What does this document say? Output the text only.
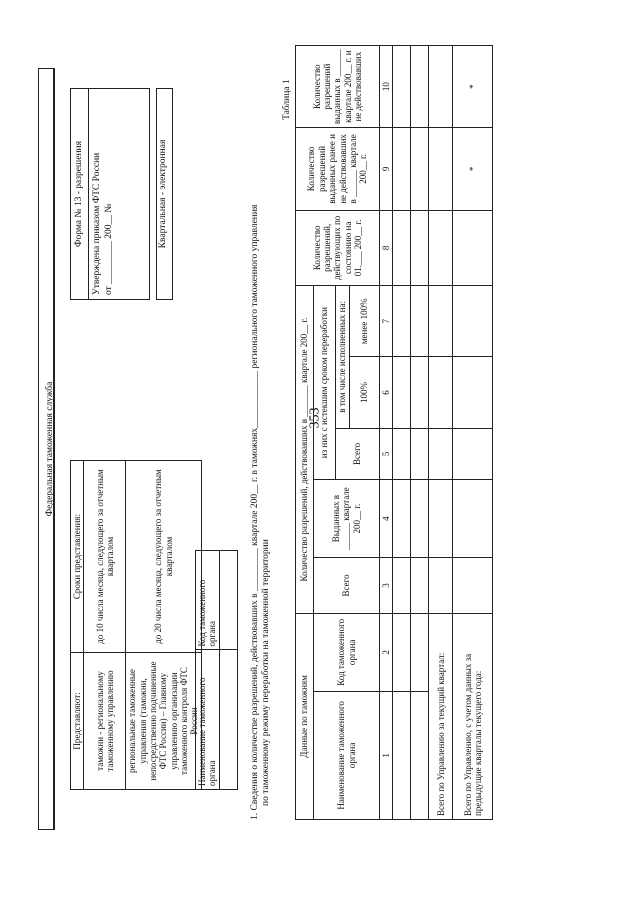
353
Федеральная таможенная служба
Представляют:	Сроки представления:
таможни - региональному таможенному управлению	до 10 числа месяца, следующего за отчетным кварталом
региональные таможенные управления (таможни, непосредственно подчиненные ФТС России) – Главному управлению организации таможенного контроля ФТС России	до 20 числа месяца, следующего за отчетным кварталом
Форма № 13 - разрешения Утверждена приказом ФТС России от _________ 200__ №
Квартальная - электронная
Наименование таможенного органа	Код таможенного органа
		1. Сведения о количестве разрешений, действовавших в _________ квартале 200__ г. в таможнях____________ регионального таможенного управления по таможенному режиму переработки на таможенной территории
Таблица 1
Данные по таможням		Количество разрешений, действовавших в _______ квартале 200__ г.					Количество разрешений, действующих по состоянию на 01.___ 200__ г.	Количество разрешений выданных ранее и не действовавших в ______ квартале 200__ г.	Количество разрешений выданных в ______ квартале 200__ г. и не действовавших
Наименование таможенного органа	Код таможенного органа	Всего	Выданных в ______ квартале 200__ г.	из них с истекшим сроком переработки					
				Всего	в том числе исполненных на:				
					100%	менее 100%			
1	2	3	4	5	6	7	8	9	10

Всего по Управлению за текущий квартал:									
Всего по Управлению, с учетом данных за предыдущие кварталы текущего года:								*	*
